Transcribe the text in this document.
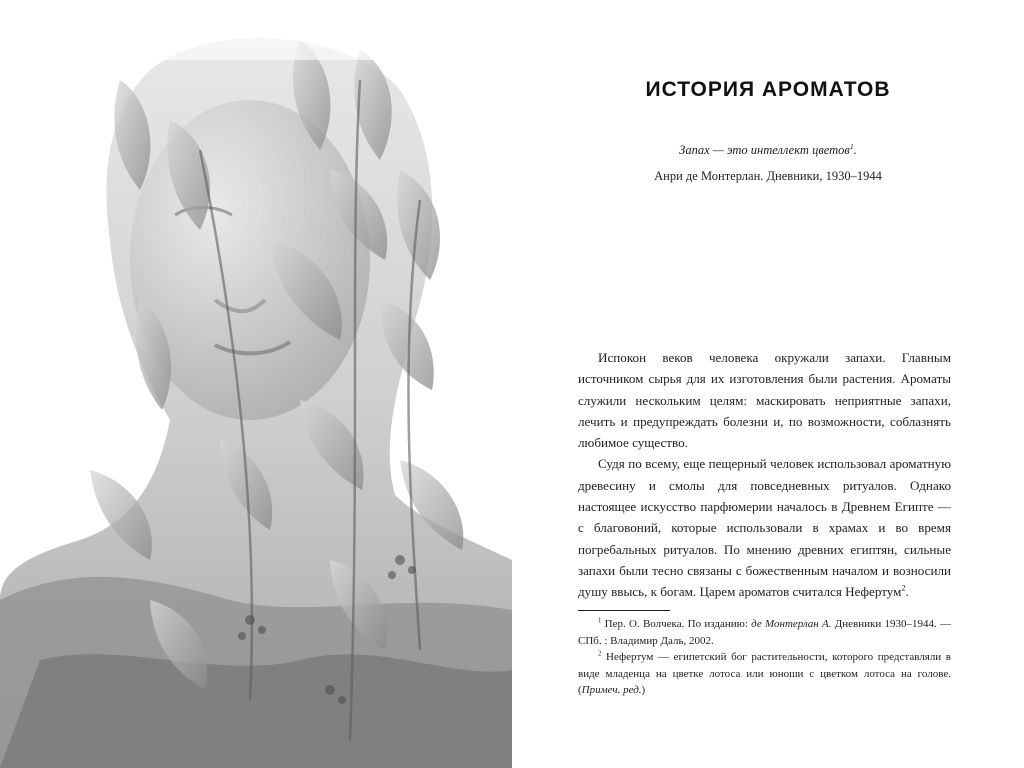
ИСТОРИЯ АРОМАТОВ

Запах — это интеллект цветов$^1$.

Анри де Монтерлан. Дневники, 1930–1944

Испокон веков человека окружали запахи. Главным источником сырья для их изготовления были растения. Ароматы служили нескольким целям: маскировать неприятные запахи, лечить и предупреждать болезни и, по возможности, соблазнять любимое существо.

Судя по всему, еще пещерный человек использовал ароматную древесину и смолы для повседневных ритуалов. Однако настоящее искусство парфюмерии началось в Древнем Египте — с благовоний, которые использовали в храмах и во время погребальных ритуалов. По мнению древних египтян, сильные запахи были тесно связаны с божественным началом и возносили душу ввысь, к богам. Царем ароматов считался Нефертум$^2$.

$^1$ Пер. О. Волчека. По изданию: де Монтерлан А. Дневники 1930–1944. — СПб. : Владимир Даль, 2002.

$^2$ Нефертум — египетский бог растительности, которого представляли в виде младенца на цветке лотоса или юноши с цветком лотоса на голове. (Примеч. ред.)
